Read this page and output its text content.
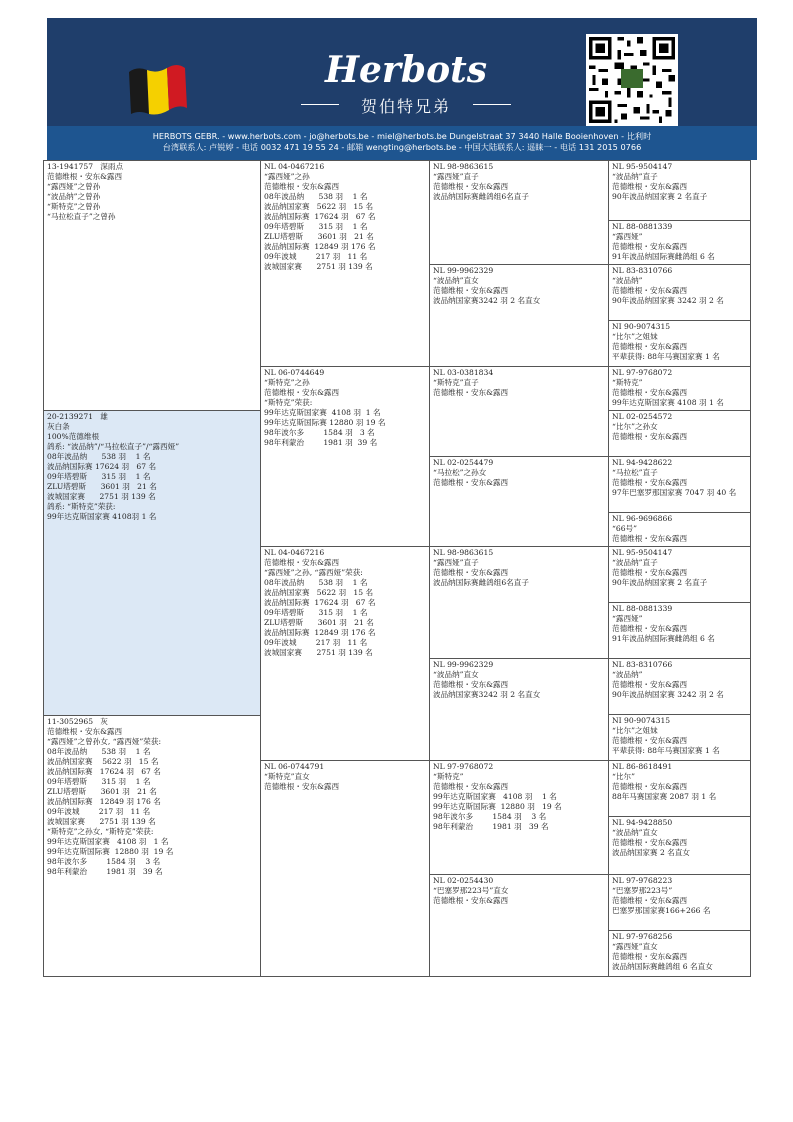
Herbots
贺伯特兄弟
HERBOTS GEBR. - www.herbots.com - jo@herbots.be - miel@herbots.be Dungelstraat 37 3440 Halle Booienhoven - 比利时
台湾联系人: 卢锐婷 - 电话 0032 471 19 55 24 - 邮箱 wengting@herbots.be - 中国大陆联系人: 遥睐一 - 电话 131 2015 0766
13-1941757   深雨点
范德维根・安东&露西
“露西娅”之曾孙
“波品纳”之曾孙
“斯特克”之曾孙
“马拉松直子”之曾孙
20-2139271   雄
灰白条
100%范德维根
鸽系: “波品纳”/“马拉松直子”/“露西娅”
08年波品纳      538 羽    1 名
波品纳国际赛 17624 羽   67 名
09年塔碧斯      315 羽    1 名
ZLU塔碧斯      3601 羽   21 名
波城国家赛      2751 羽 139 名
鸽系: “斯特克”荣获:
99年达克斯国家赛 4108羽 1 名
11-3052965   灰
范德维根・安东&露西
“露西娅”之曾孙女, “露西娅”荣获:
08年波品纳      538 羽    1 名
波品纳国家赛    5622 羽   15 名
波品纳国际赛   17624 羽   67 名
09年塔碧斯      315 羽    1 名
ZLU塔碧斯      3601 羽   21 名
波品纳国际赛   12849 羽 176 名
09年波城        217 羽   11 名
波城国家赛      2751 羽 139 名
“斯特克”之孙女, “斯特克”荣获:
99年达克斯国家赛   4108 羽   1 名
99年达克斯国际赛  12880 羽  19 名
98年波尔多        1584 羽    3 名
98年利蒙治        1981 羽   39 名
NL 04-0467216
“露西娅”之孙
范德维根・安东&露西
08年波品纳      538 羽    1 名
波品纳国家赛   5622 羽   15 名
波品纳国际赛  17624 羽   67 名
09年塔碧斯      315 羽    1 名
ZLU塔碧斯      3601 羽   21 名
波品纳国际赛  12849 羽 176 名
09年波城        217 羽   11 名
波城国家赛      2751 羽 139 名
NL 06-0744649
“斯特克”之孙
范德维根・安东&露西
“斯特克”荣获:
99年达克斯国家赛  4108 羽  1 名
99年达克斯国际赛 12880 羽 19 名
98年波尔多        1584 羽   3 名
98年利蒙治        1981 羽  39 名
NL 04-0467216
范德维根・安东&露西
“露西娅”之孙, “露西娅”荣获:
08年波品纳      538 羽    1 名
波品纳国家赛   5622 羽   15 名
波品纳国际赛  17624 羽   67 名
09年塔碧斯      315 羽    1 名
ZLU塔碧斯      3601 羽   21 名
波品纳国际赛  12849 羽 176 名
09年波城        217 羽   11 名
波城国家赛      2751 羽 139 名
NL 06-0744791
“斯特克”直女
范德维根・安东&露西
NL 98-9863615
“露西娅”直子
范德维根・安东&露西
波品纳国际赛雌鸽组6名直子
NL 99-9962329
“波品纳”直女
范德维根・安东&露西
波品纳国家赛3242 羽 2 名直女
NL 03-0381834
“斯特克”直子
范德维根・安东&露西
NL 02-0254479
“马拉松”之孙女
范德维根・安东&露西
NL 98-9863615
“露西娅”直子
范德维根・安东&露西
波品纳国际赛雌鸽组6名直子
NL 99-9962329
“波品纳”直女
范德维根・安东&露西
波品纳国家赛3242 羽 2 名直女
NL 97-9768072
“斯特克”
范德维根・安东&露西
99年达克斯国家赛   4108 羽    1 名
99年达克斯国际赛  12880 羽   19 名
98年波尔多        1584 羽    3 名
98年利蒙治        1981 羽   39 名
NL 02-0254430
“巴塞罗那223号”直女
范德维根・安东&露西
NL 95-9504147
“波品纳”直子
范德维根・安东&露西
90年波品纳国家赛 2 名直子
NL 88-0881339
“露西娅”
范德维根・安东&露西
91年波品纳国际赛雌鸽组 6 名
NL 83-8310766
“波品纳”
范德维根・安东&露西
90年波品纳国家赛 3242 羽 2 名
NI 90-9074315
“比尔”之姐妹
范德维根・安东&露西
平辈获得: 88年马赛国家赛 1 名
NL 97-9768072
“斯特克”
范德维根・安东&露西
99年达克斯国家赛 4108 羽 1 名
NL 02-0254572
“比尔”之孙女
范德维根・安东&露西
NL 94-9428622
“马拉松”直子
范德维根・安东&露西
97年巴塞罗那国家赛 7047 羽 40 名
NL 96-9696866
“66号”
范德维根・安东&露西
NL 95-9504147
“波品纳”直子
范德维根・安东&露西
90年波品纳国家赛 2 名直子
NL 88-0881339
“露西娅”
范德维根・安东&露西
91年波品纳国际赛雌鸽组 6 名
NL 83-8310766
“波品纳”
范德维根・安东&露西
90年波品纳国家赛 3242 羽 2 名
NI 90-9074315
“比尔”之姐妹
范德维根・安东&露西
平辈获得: 88年马赛国家赛 1 名
NL 86-8618491
“比尔”
范德维根・安东&露西
88年马赛国家赛 2087 羽 1 名
NL 94-9428850
“波品纳”直女
范德维根・安东&露西
波品纳国家赛 2 名直女
NL 97-9768223
“巴塞罗那223号”
范德维根・安东&露西
巴塞罗那国家赛166+266 名
NL 97-9768256
“露西娅”直女
范德维根・安东&露西
波品纳国际赛雌鸽组 6 名直女
